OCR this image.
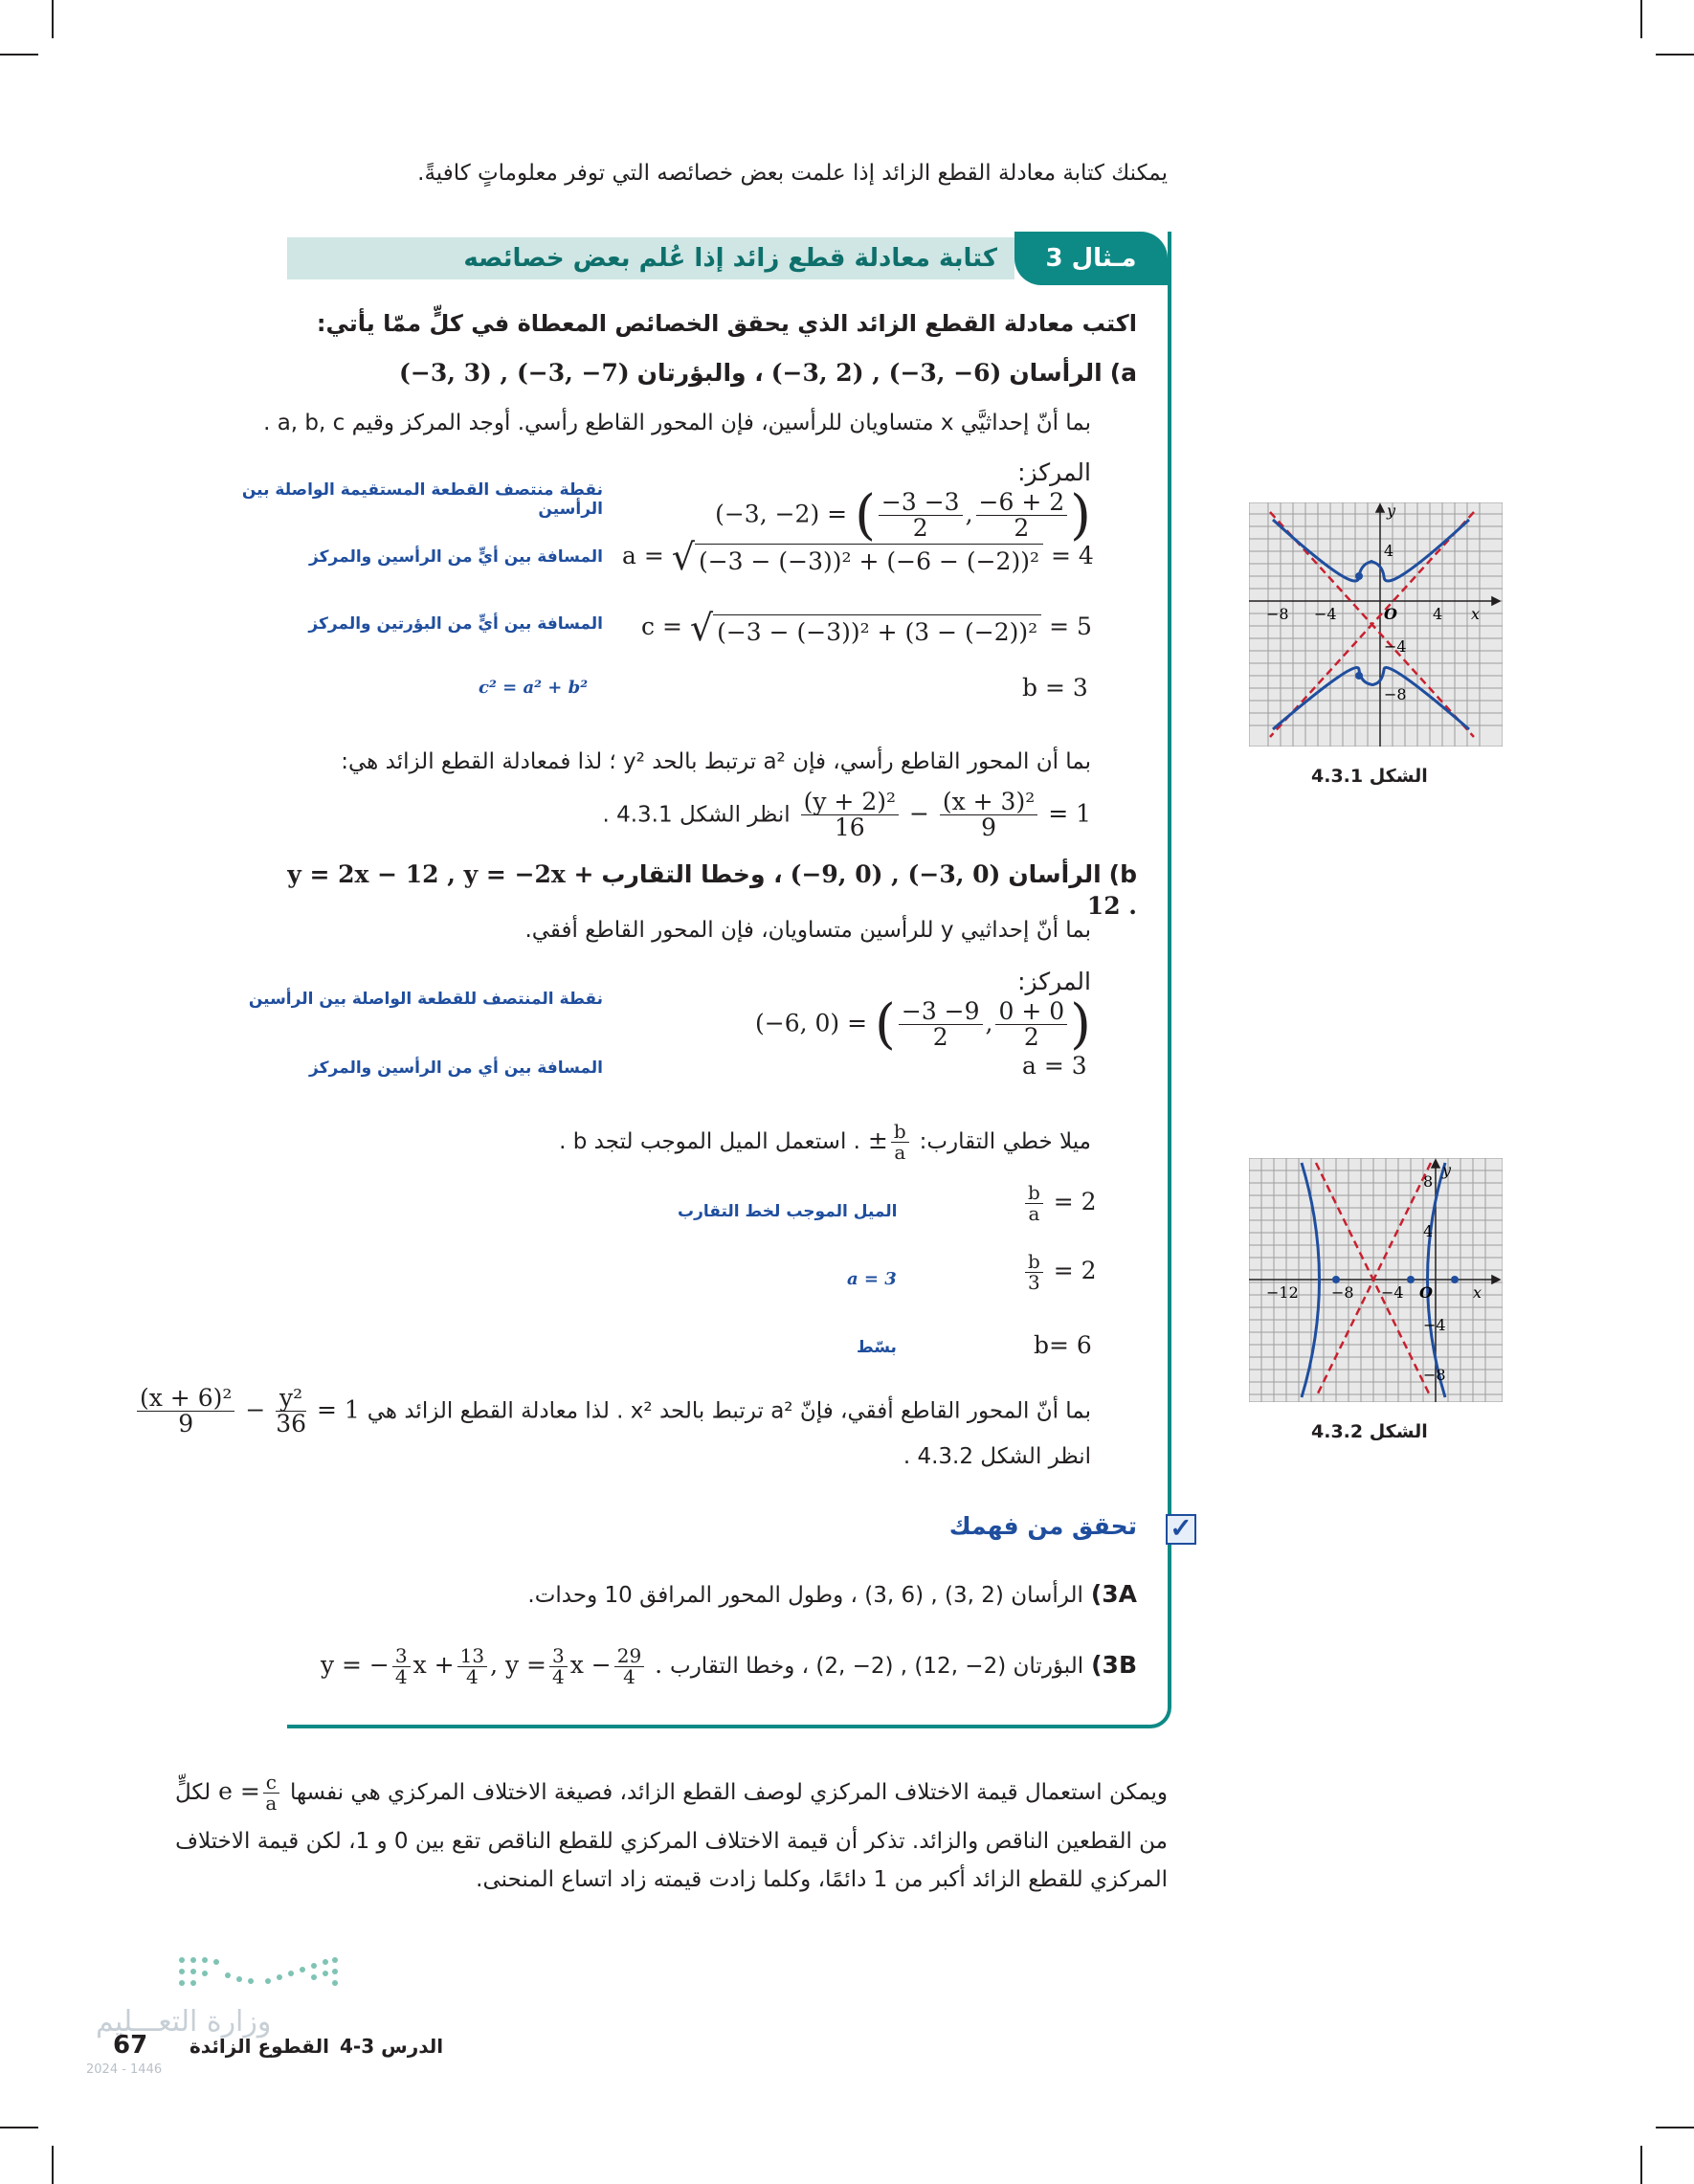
يمكنك كتابة معادلة القطع الزائد إذا علمت بعض خصائصه التي توفر معلوماتٍ كافيةً.
مـثال 3
كتابة معادلة قطع زائد إذا عُلم بعض خصائصه
اكتب معادلة القطع الزائد الذي يحقق الخصائص المعطاة في كلٍّ ممّا يأتي:
a) الرأسان (−3, 2) , (−3, −6) ، والبؤرتان (−3, 3) , (−3, −7)
بما أنّ إحداثيَّي x متساويان للرأسين، فإن المحور القاطع رأسي. أوجد المركز وقيم a, b, c .
المركز: (−3, −2) = ( $\frac{-3 -3}{2}$ , $\frac{-6 + 2}{2}$ )
نقطة منتصف القطعة المستقيمة الواصلة بين الرأسين
a = √ (−3 − (−3))² + (−6 − (−2))² = 4
المسافة بين أيٍّ من الرأسين والمركز
c = √ (−3 − (−3))² + (3 − (−2))² = 5
المسافة بين أيٍّ من البؤرتين والمركز
b = 3
c² = a² + b²
بما أن المحور القاطع رأسي، فإن a² ترتبط بالحد y² ؛ لذا فمعادلة القطع الزائد هي:
$\frac{\text{(y + 2)²}}{16} - \frac{\text{(x + 3)²}}{9} = 1$ انظر الشكل 4.3.1 .
b) الرأسان (−9, 0) , (−3, 0) ، وخطا التقارب y = 2x − 12 , y = −2x + 12 .
بما أنّ إحداثيي y للرأسين متساويان، فإن المحور القاطع أفقي.
المركز: (−6, 0) = ( $\frac{-3 -9}{2}$ , $\frac{0 + 0}{2}$ )
نقطة المنتصف للقطعة الواصلة بين الرأسين
a = 3
المسافة بين أي من الرأسين والمركز
ميلا خطي التقارب: ± $\frac{b}{a}$
. استعمل الميل الموجب لتجد b .
$\frac{b}{a} = 2$
الميل الموجب لخط التقارب
$\frac{b}{3} = 2$
a = 3
b= 6
بسّط
بما أنّ المحور القاطع أفقي، فإنّ a² ترتبط بالحد x² . لذا معادلة القطع الزائد هي
$\frac{\text{(x + 6)²}}{9} - \frac{\text{y²}}{36} = 1$
انظر الشكل 4.3.2 .
✓
تحقق من فهمك
3A) الرأسان (2 ,3) , (6 ,3) ، وطول المحور المرافق 10 وحدات.
3B) البؤرتان (2− ,12) , (2− ,2) ، وخطا التقارب y = − $\frac{3}{4}$ $x + \frac{13}{4}$ , $y = \frac{3}{4}$ $x - \frac{29}{4}$ .
ويمكن استعمال قيمة الاختلاف المركزي لوصف القطع الزائد، فصيغة الاختلاف المركزي هي نفسها $e = \frac{c}{a}$
لكلٍّ
من القطعين الناقص والزائد. تذكر أن قيمة الاختلاف المركزي للقطع الناقص تقع بين 0 و 1، لكن قيمة الاختلاف
المركزي للقطع الزائد أكبر من 1 دائمًا، وكلما زادت قيمته زاد اتساع المنحنى.
−8 −4	4 x
y
4
−4
−8
O
الشكل 4.3.1
−12 −8 −4	x
y
8
4
−4
−8
O
الشكل 4.3.2
وزارة التعـــليم
2024 - 1446
67 القطوع الزائدة الدرس 3-4
